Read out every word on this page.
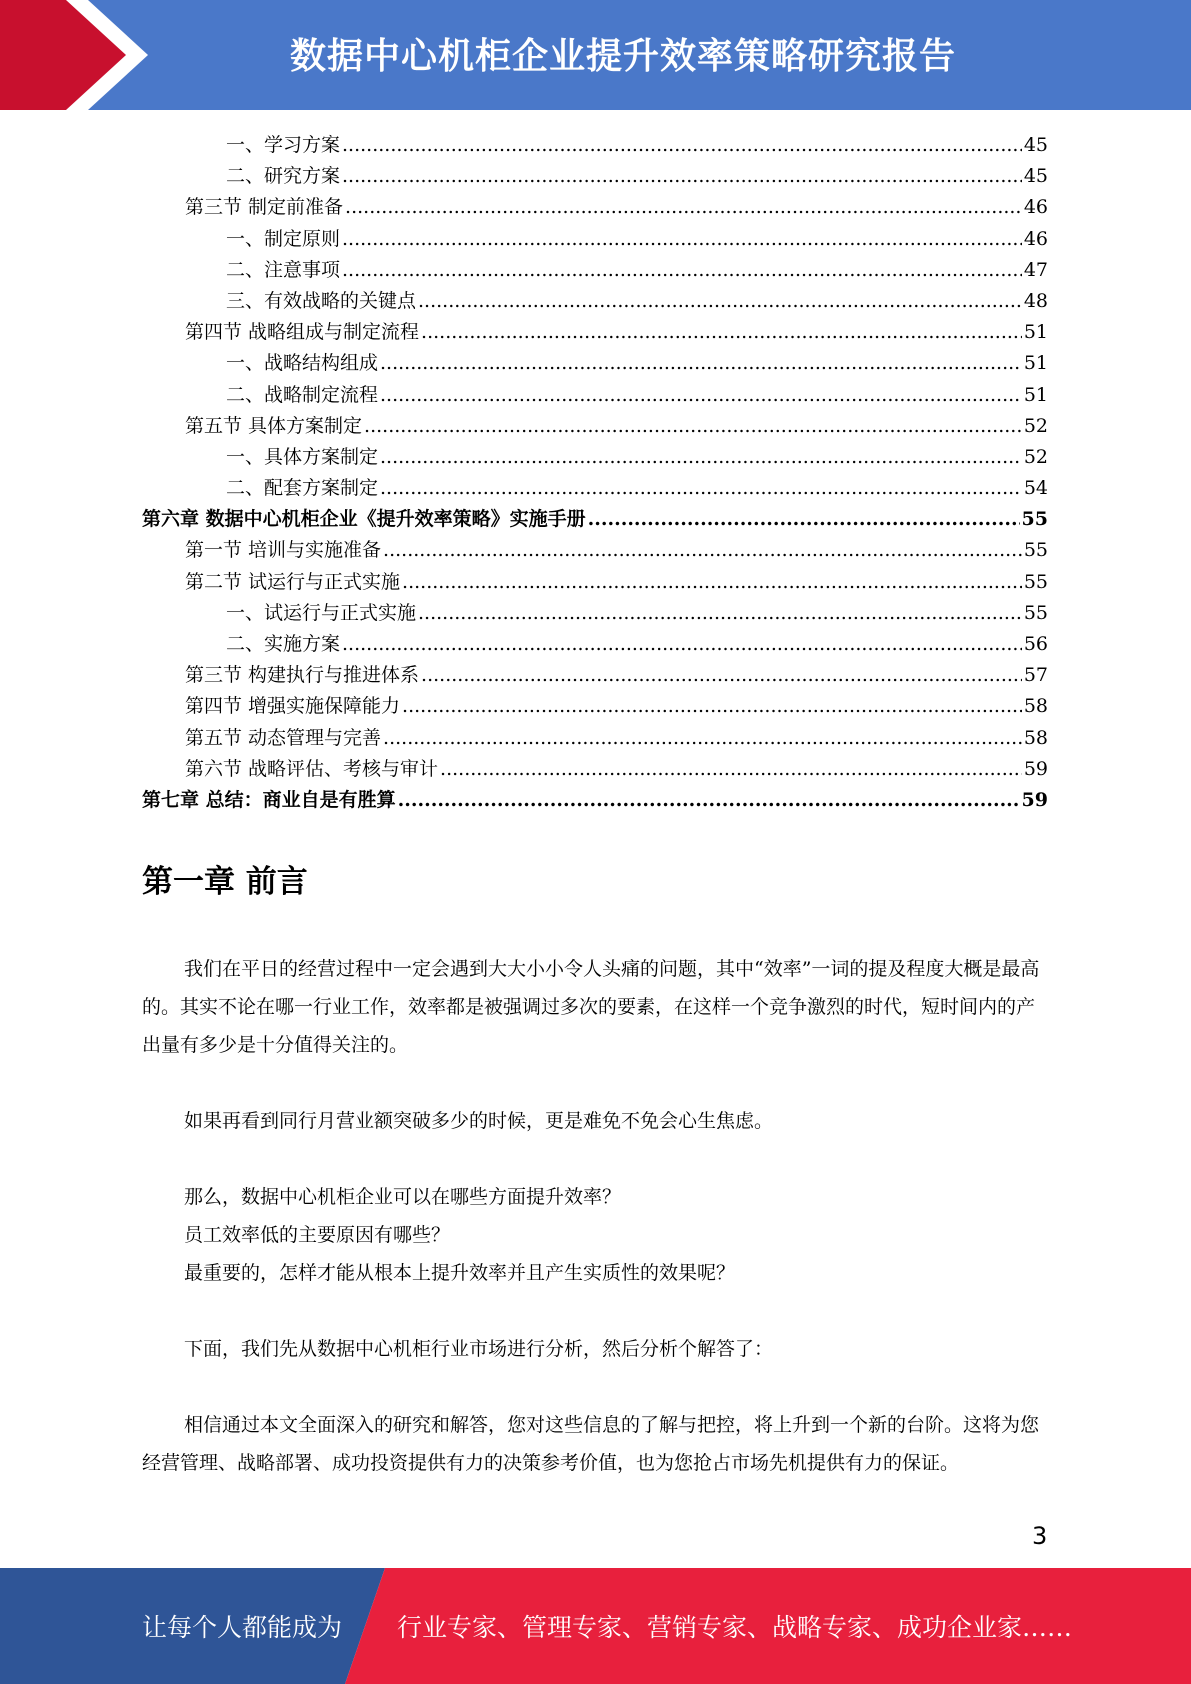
数据中心机柜企业提升效率策略研究报告
一、学习方案 .....	45
二、研究方案 .....	45
第三节 制定前准备 .....	46
一、制定原则 .....	46
二、注意事项 .....	47
三、有效战略的关键点 .....	48
第四节 战略组成与制定流程 .....	51
一、战略结构组成 .....	51
二、战略制定流程 .....	51
第五节 具体方案制定 .....	52
一、具体方案制定 .....	52
二、配套方案制定 .....	54
第六章 数据中心机柜企业《提升效率策略》实施手册 .....	55
第一节 培训与实施准备 .....	55
第二节 试运行与正式实施 .....	55
一、试运行与正式实施 .....	55
二、实施方案 .....	56
第三节 构建执行与推进体系 .....	57
第四节 增强实施保障能力 .....	58
第五节 动态管理与完善 .....	58
第六节 战略评估、考核与审计 .....	59
第七章 总结：商业自是有胜算 .....	59
第一章 前言
我们在平日的经营过程中一定会遇到大大小小令人头痛的问题，其中“效率”一词的提及程度大概是最高的。其实不论在哪一行业工作，效率都是被强调过多次的要素，在这样一个竞争激烈的时代，短时间内的产出量有多少是十分值得关注的。
如果再看到同行月营业额突破多少的时候，更是难免不免会心生焦虑。
那么，数据中心机柜企业可以在哪些方面提升效率？
员工效率低的主要原因有哪些？
最重要的，怎样才能从根本上提升效率并且产生实质性的效果呢？
下面，我们先从数据中心机柜行业市场进行分析，然后分析个解答了：
相信通过本文全面深入的研究和解答，您对这些信息的了解与把控，将上升到一个新的台阶。这将为您经营管理、战略部署、成功投资提供有力的决策参考价值，也为您抢占市场先机提供有力的保证。
3
让每个人都能成为 行业专家、管理专家、营销专家、战略专家、成功企业家……
